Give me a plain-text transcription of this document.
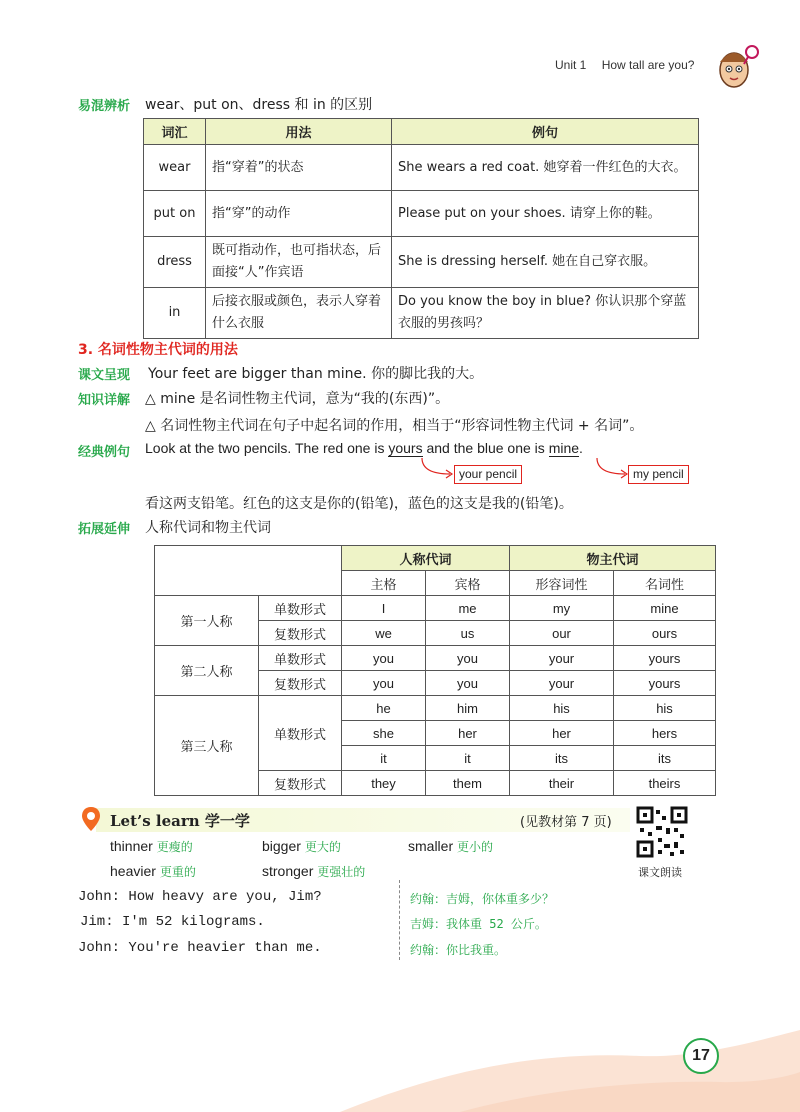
Unit 1 How tall are you?
易混辨析 wear、put on、dress 和 in 的区别
词汇	用法	例句
wear	指“穿着”的状态	She wears a red coat. 她穿着一件红色的大衣。
put on	指“穿”的动作	Please put on your shoes. 请穿上你的鞋。
dress	既可指动作，也可指状态，后面接“人”作宾语	She is dressing herself. 她在自己穿衣服。
in	后接衣服或颜色，表示人穿着什么衣服	Do you know the boy in blue? 你认识那个穿蓝衣服的男孩吗？
3. 名词性物主代词的用法
课文呈现 Your feet are bigger than mine. 你的脚比我的大。
知识详解 △ mine 是名词性物主代词，意为“我的(东西)”。
△ 名词性物主代词在句子中起名词的作用，相当于“形容词性物主代词 + 名词”。
经典例句 Look at the two pencils. The red one is yours and the blue one is mine.
your pencil	my pencil
看这两支铅笔。红色的这支是你的(铅笔)，蓝色的这支是我的(铅笔)。
拓展延伸 人称代词和物主代词
		人称代词		物主代词	
		主格	宾格	形容词性	名词性
第一人称	单数形式	I	me	my	mine
	复数形式	we	us	our	ours
第二人称	单数形式	you	you	your	yours
	复数形式	you	you	your	yours
第三人称	单数形式	he	him	his	his
		she	her	her	hers
		it	it	its	its
	复数形式	they	them	their	theirs
Let’s learn 学一学	(见教材第 7 页)
课文朗读
thinner 更瘦的	bigger 更大的	smaller 更小的
heavier 更重的	stronger 更强壮的
John: How heavy are you, Jim?
Jim: I'm 52 kilograms.
John: You're heavier than me.
约翰：吉姆，你体重多少？
吉姆：我体重 52 公斤。
约翰：你比我重。
17
